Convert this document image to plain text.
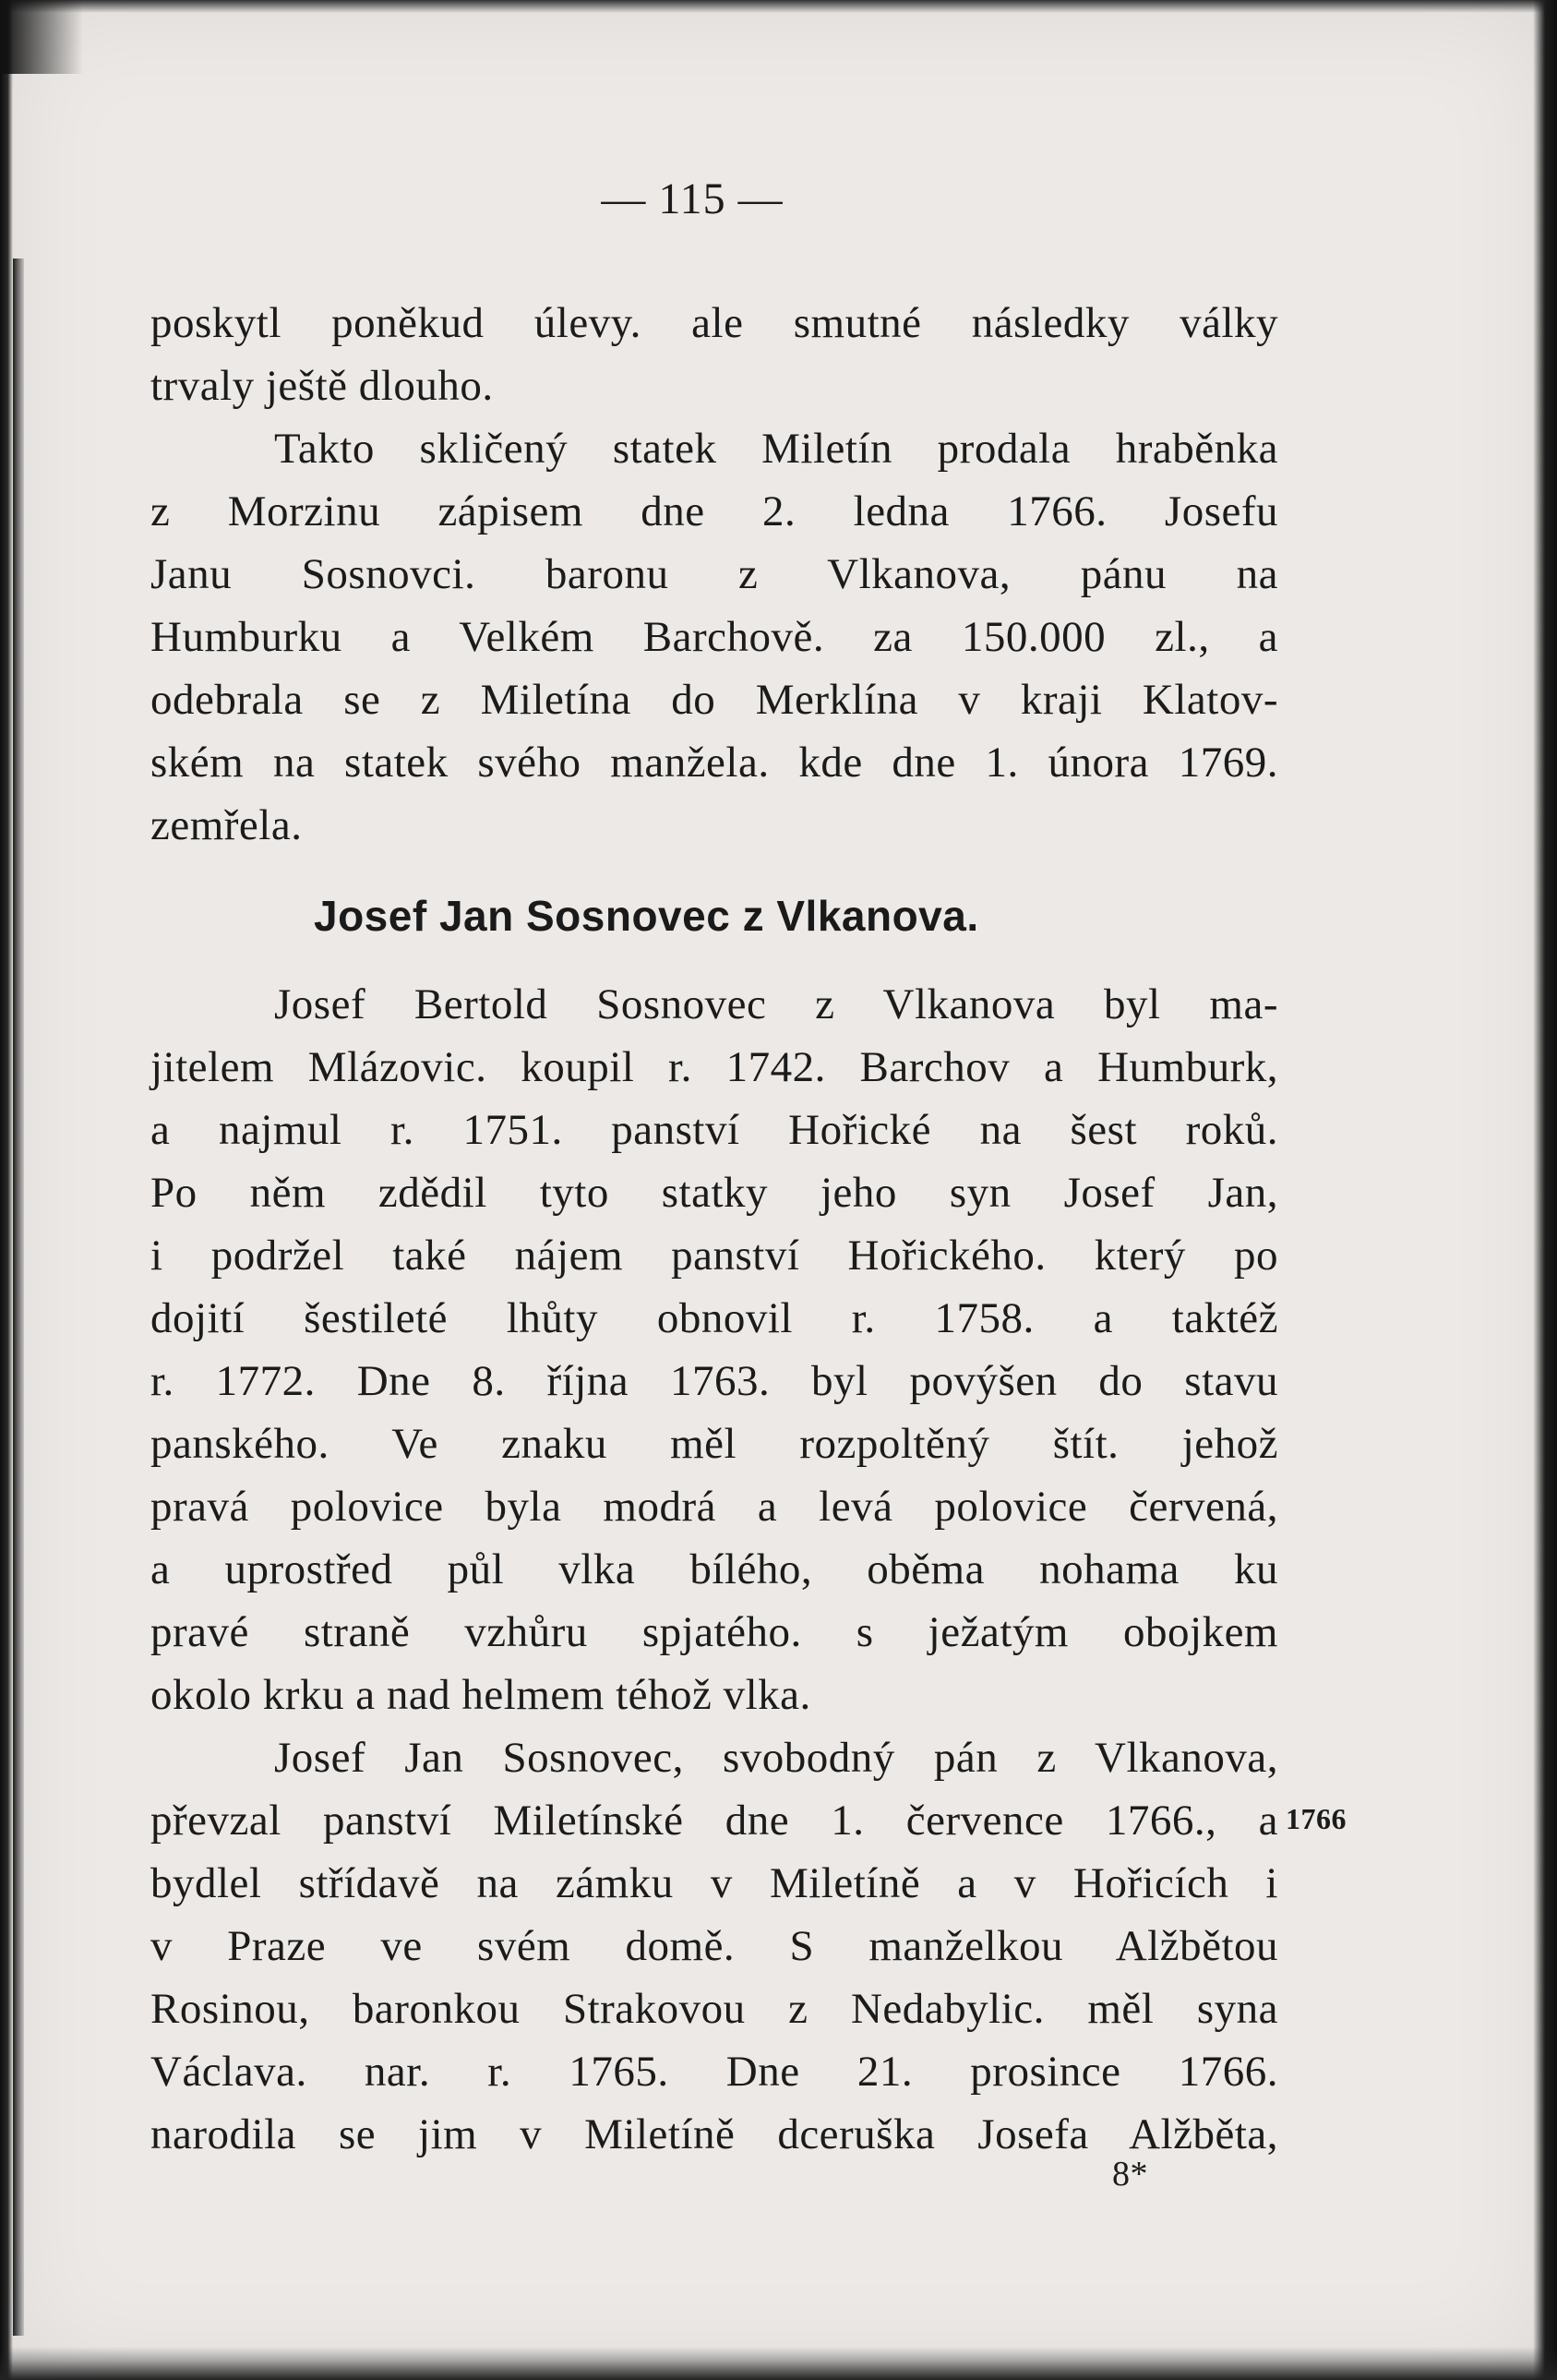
— 115 —
poskytl poněkud úlevy. ale smutné následky války
trvaly ještě dlouho.
Takto skličený statek Miletín prodala hraběnka
z Morzinu zápisem dne 2. ledna 1766. Josefu
Janu Sosnovci. baronu z Vlkanova, pánu na
Humburku a Velkém Barchově. za 150.000 zl., a
odebrala se z Miletína do Merklína v kraji Klatov-
ském na statek svého manžela. kde dne 1. února 1769.
zemřela.
Josef Jan Sosnovec z Vlkanova.
Josef Bertold Sosnovec z Vlkanova byl ma-
jitelem Mlázovic. koupil r. 1742. Barchov a Humburk,
a najmul r. 1751. panství Hořické na šest roků.
Po něm zdědil tyto statky jeho syn Josef Jan,
i podržel také nájem panství Hořického. který po
dojití šestileté lhůty obnovil r. 1758. a taktéž
r. 1772. Dne 8. října 1763. byl povýšen do stavu
panského. Ve znaku měl rozpoltěný štít. jehož
pravá polovice byla modrá a levá polovice červená,
a uprostřed půl vlka bílého, oběma nohama ku
pravé straně vzhůru spjatého. s ježatým obojkem
okolo krku a nad helmem téhož vlka.
Josef Jan Sosnovec, svobodný pán z Vlkanova,
převzal panství Miletínské dne 1. července 1766., a
bydlel střídavě na zámku v Miletíně a v Hořicích i
v Praze ve svém domě. S manželkou Alžbětou
Rosinou, baronkou Strakovou z Nedabylic. měl syna
Václava. nar. r. 1765. Dne 21. prosince 1766.
narodila se jim v Miletíně dceruška Josefa Alžběta,
1766
8*
